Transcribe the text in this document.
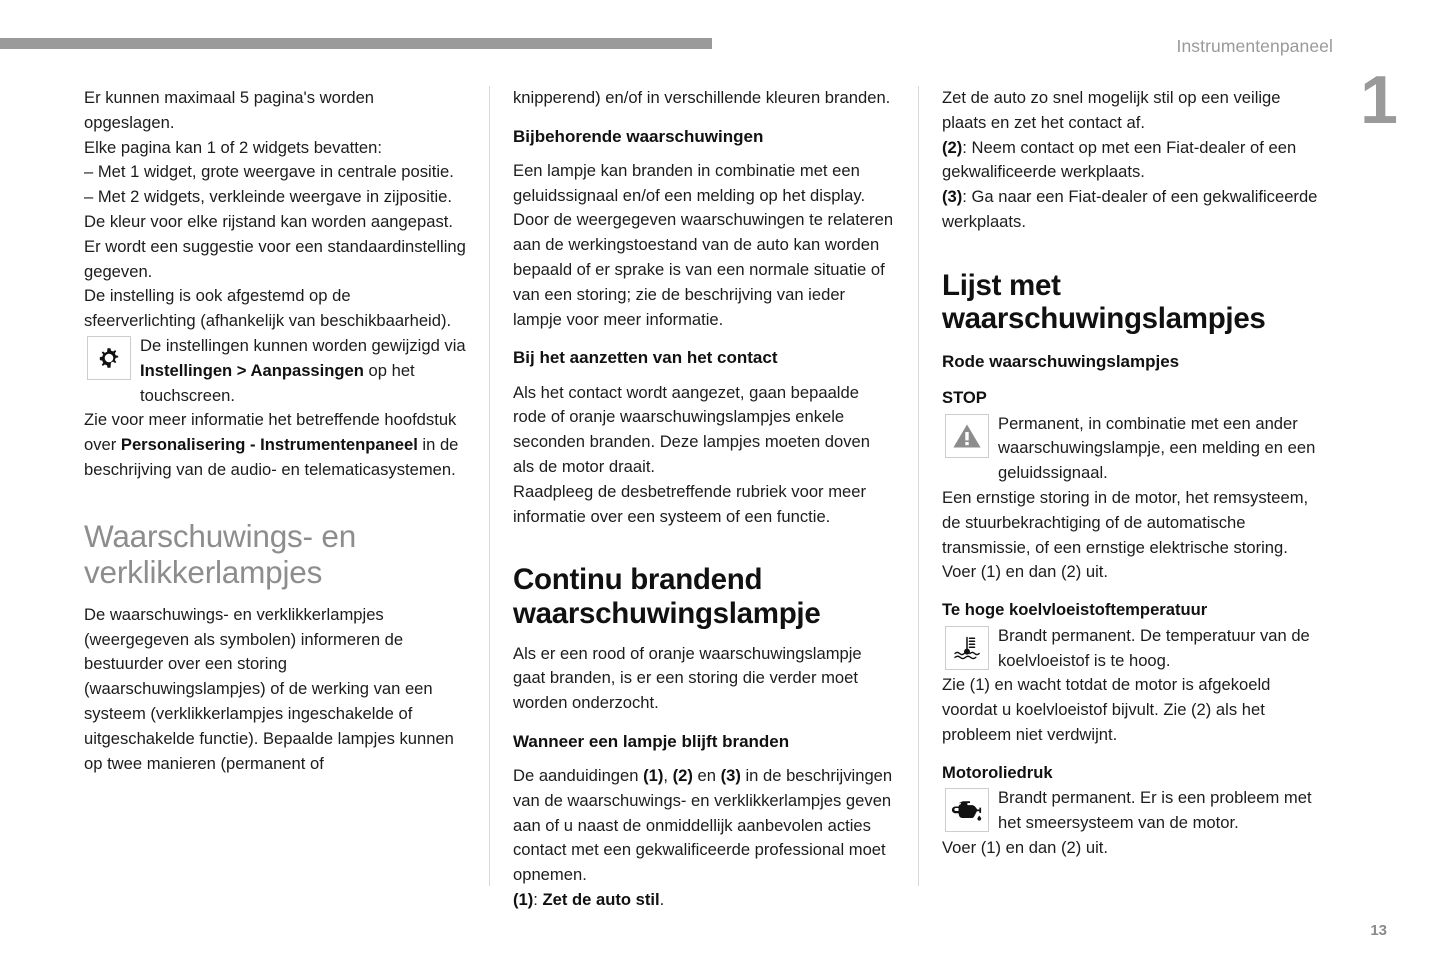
Instrumentenpaneel
1
13

Er kunnen maximaal 5 pagina's worden opgeslagen.

Elke pagina kan 1 of 2 widgets bevatten:

– Met 1 widget, grote weergave in centrale positie.

– Met 2 widgets, verkleinde weergave in zijpositie.

De kleur voor elke rijstand kan worden aangepast. Er wordt een suggestie voor een standaardinstelling gegeven.

De instelling is ook afgestemd op de sfeerverlichting (afhankelijk van beschikbaarheid).

De instellingen kunnen worden gewijzigd via Instellingen > Aanpassingen op het touchscreen.

Zie voor meer informatie het betreffende hoofdstuk over Personalisering - Instrumentenpaneel in de beschrijving van de audio- en telematicasystemen.

Waarschuwings- en verklikkerlampjes

De waarschuwings- en verklikkerlampjes (weergegeven als symbolen) informeren de bestuurder over een storing (waarschuwingslampjes) of de werking van een systeem (verklikkerlampjes ingeschakelde of uitgeschakelde functie). Bepaalde lampjes kunnen op twee manieren (permanent of

knipperend) en/of in verschillende kleuren branden.

Bijbehorende waarschuwingen

Een lampje kan branden in combinatie met een geluidssignaal en/of een melding op het display. Door de weergegeven waarschuwingen te relateren aan de werkingstoestand van de auto kan worden bepaald of er sprake is van een normale situatie of van een storing; zie de beschrijving van ieder lampje voor meer informatie.

Bij het aanzetten van het contact

Als het contact wordt aangezet, gaan bepaalde rode of oranje waarschuwingslampjes enkele seconden branden. Deze lampjes moeten doven als de motor draait.

Raadpleeg de desbetreffende rubriek voor meer informatie over een systeem of een functie.

Continu brandend waarschuwingslampje

Als er een rood of oranje waarschuwingslampje gaat branden, is er een storing die verder moet worden onderzocht.

Wanneer een lampje blijft branden

De aanduidingen (1), (2) en (3) in de beschrijvingen van de waarschuwings- en verklikkerlampjes geven aan of u naast de onmiddellijk aanbevolen acties contact met een gekwalificeerde professional moet opnemen.

(1): Zet de auto stil.

Zet de auto zo snel mogelijk stil op een veilige plaats en zet het contact af.

(2): Neem contact op met een Fiat-dealer of een gekwalificeerde werkplaats.

(3): Ga naar een Fiat-dealer of een gekwalificeerde werkplaats.

Lijst met waarschuwingslampjes
Rode waarschuwingslampjes
STOP

Permanent, in combinatie met een ander waarschuwingslampje, een melding en een geluidssignaal.

Een ernstige storing in de motor, het remsysteem, de stuurbekrachtiging of de automatische transmissie, of een ernstige elektrische storing.

Voer (1) en dan (2) uit.

Te hoge koelvloeistoftemperatuur

Brandt permanent. De temperatuur van de koelvloeistof is te hoog.

Zie (1) en wacht totdat de motor is afgekoeld voordat u koelvloeistof bijvult. Zie (2) als het probleem niet verdwijnt.

Motoroliedruk

Brandt permanent. Er is een probleem met het smeersysteem van de motor.

Voer (1) en dan (2) uit.
